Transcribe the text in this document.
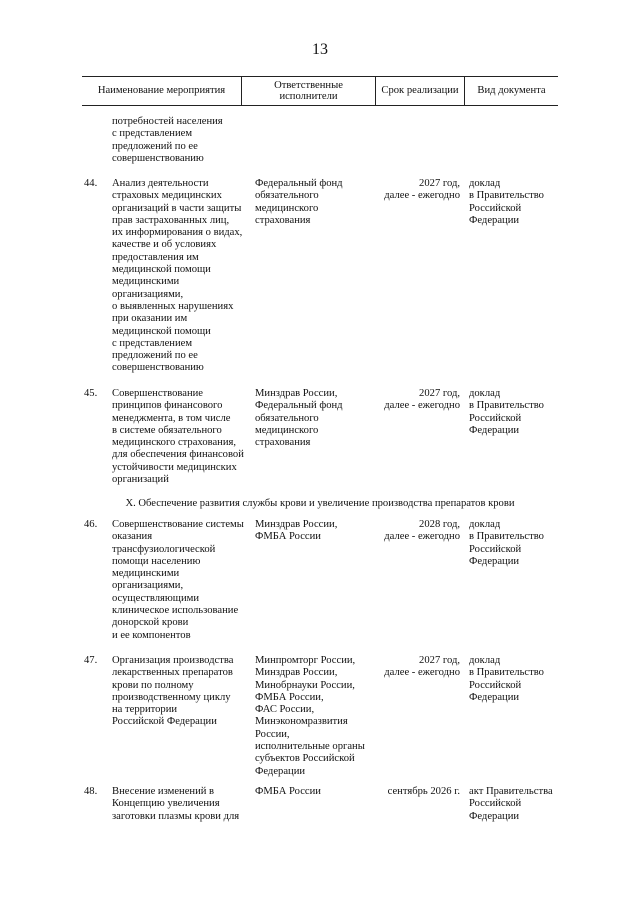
13
Наименование мероприятия
Ответственные
исполнители
Срок реализации	Вид документа
потребностей населения
с представлением
предложений по ее
совершенствованию
44. Анализ деятельности
страховых медицинских
организаций в части защиты
прав застрахованных лиц,
их информирования о видах,
качестве и об условиях
предоставления им
медицинской помощи
медицинскими
организациями,
о выявленных нарушениях
при оказании им
медицинской помощи
с представлением
предложений по ее
совершенствованию
Федеральный фонд
обязательного
медицинского
страхования
2027 год,
далее - ежегодно
доклад
в Правительство
Российской
Федерации
45. Совершенствование
принципов финансового
менеджмента, в том числе
в системе обязательного
медицинского страхования,
для обеспечения финансовой
устойчивости медицинских
организаций
Минздрав России,
Федеральный фонд
обязательного
медицинского
страхования
2027 год,
далее - ежегодно
доклад
в Правительство
Российской
Федерации
X. Обеспечение развития службы крови и увеличение производства препаратов крови
46. Совершенствование системы
оказания
трансфузиологической
помощи населению
медицинскими
организациями,
осуществляющими
клиническое использование
донорской крови
и ее компонентов
Минздрав России,
ФМБА России
2028 год,
далее - ежегодно
доклад
в Правительство
Российской
Федерации
47. Организация производства
лекарственных препаратов
крови по полному
производственному циклу
на территории
Российской Федерации
Минпромторг России,
Минздрав России,
Минобрнауки России,
ФМБА России,
ФАС России,
Минэкономразвития
России,
исполнительные органы
субъектов Российской
Федерации
2027 год,
далее - ежегодно
доклад
в Правительство
Российской
Федерации
48. Внесение изменений в
Концепцию увеличения
заготовки плазмы крови для
ФМБА России	сентябрь 2026 г. акт Правительства
Российской
Федерации
